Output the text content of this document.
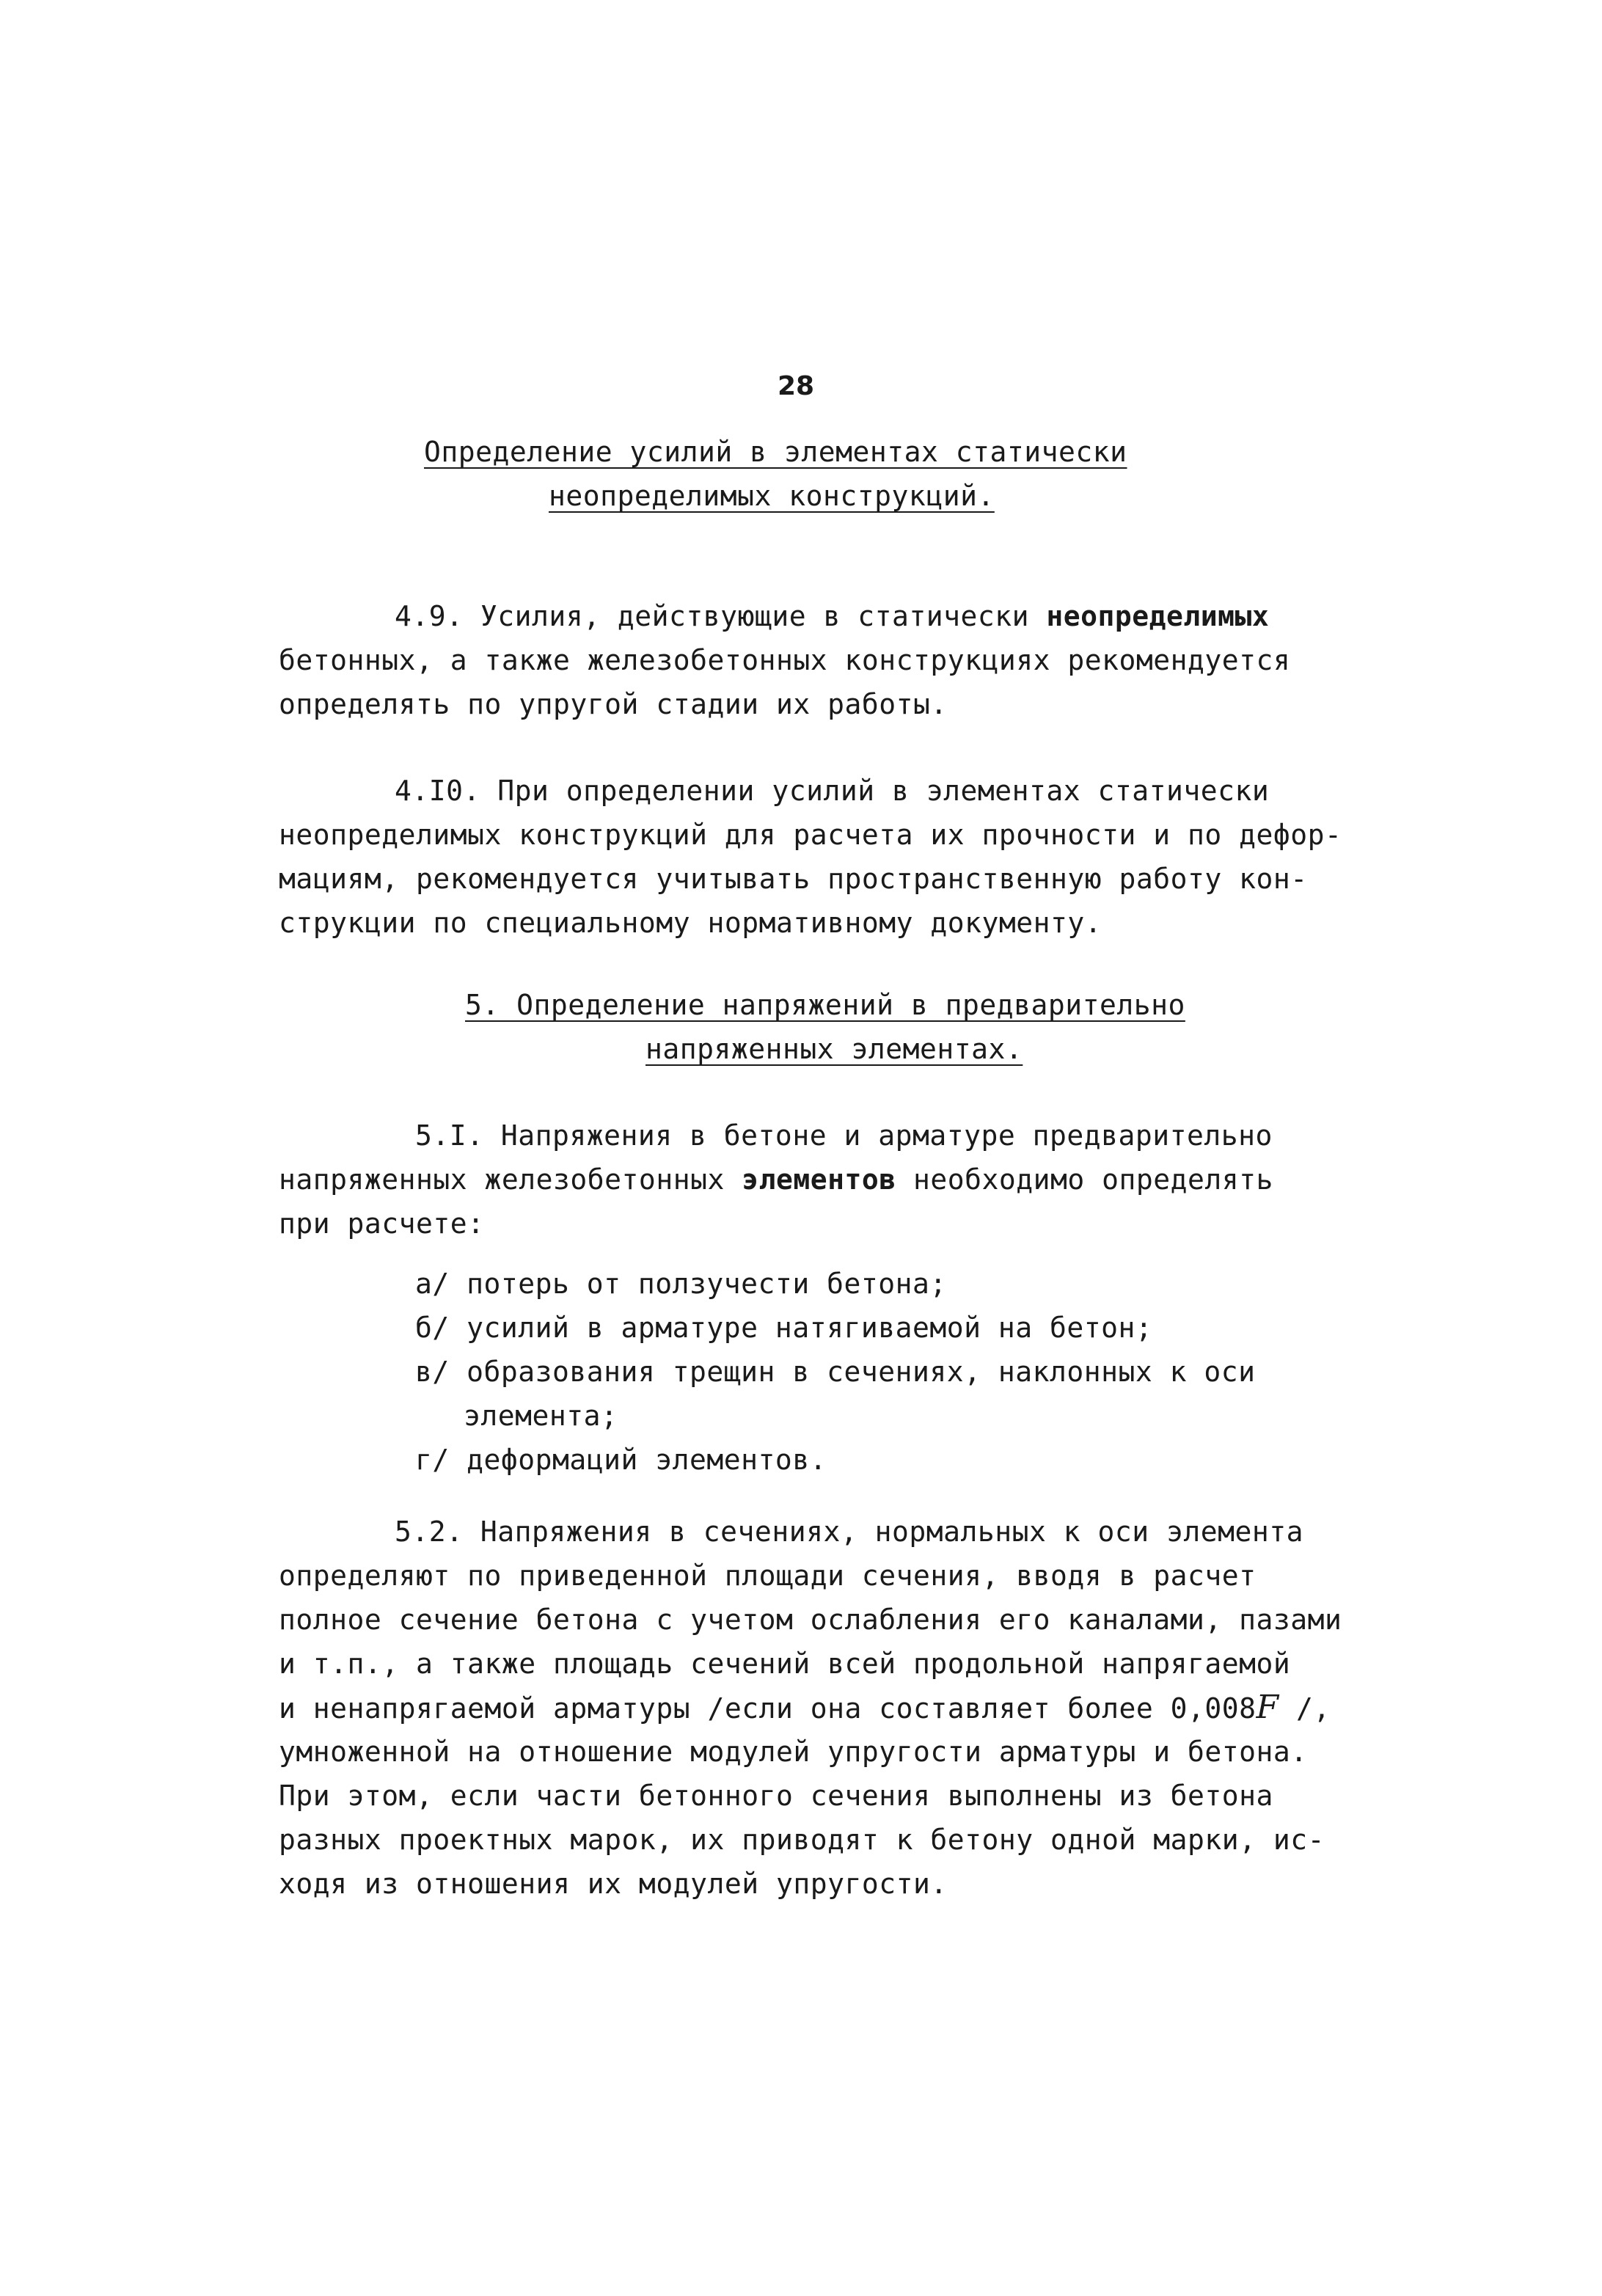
28
Определение усилий в элементах статически
неопределимых конструкций.
4.9. Усилия, действующие в статически неопределимых
бетонных, а также железобетонных конструкциях рекомендуется
определять по упругой стадии их работы.
4.I0. При определении усилий в элементах статически
неопределимых конструкций для расчета их прочности и по дефор-
мациям, рекомендуется учитывать пространственную работу кон-
струкции по специальному нормативному документу.
5. Определение напряжений в предварительно
напряженных элементах.
5.I. Напряжения в бетоне и арматуре предварительно
напряженных железобетонных элементов необходимо определять
при расчете:
а/ потерь от ползучести бетона;
б/ усилий в арматуре натягиваемой на бетон;
в/ образования трещин в сечениях, наклонных к оси
элемента;
г/ деформаций элементов.
5.2. Напряжения в сечениях, нормальных к оси элемента
определяют по приведенной площади сечения, вводя в расчет
полное сечение бетона с учетом ослабления его каналами, пазами
и т.п., а также площадь сечений всей продольной напрягаемой
и ненапрягаемой арматуры /если она составляет более 0,008F /,
умноженной на отношение модулей упругости арматуры и бетона.
При этом, если части бетонного сечения выполнены из бетона
разных проектных марок, их приводят к бетону одной марки, ис-
ходя из отношения их модулей упругости.
